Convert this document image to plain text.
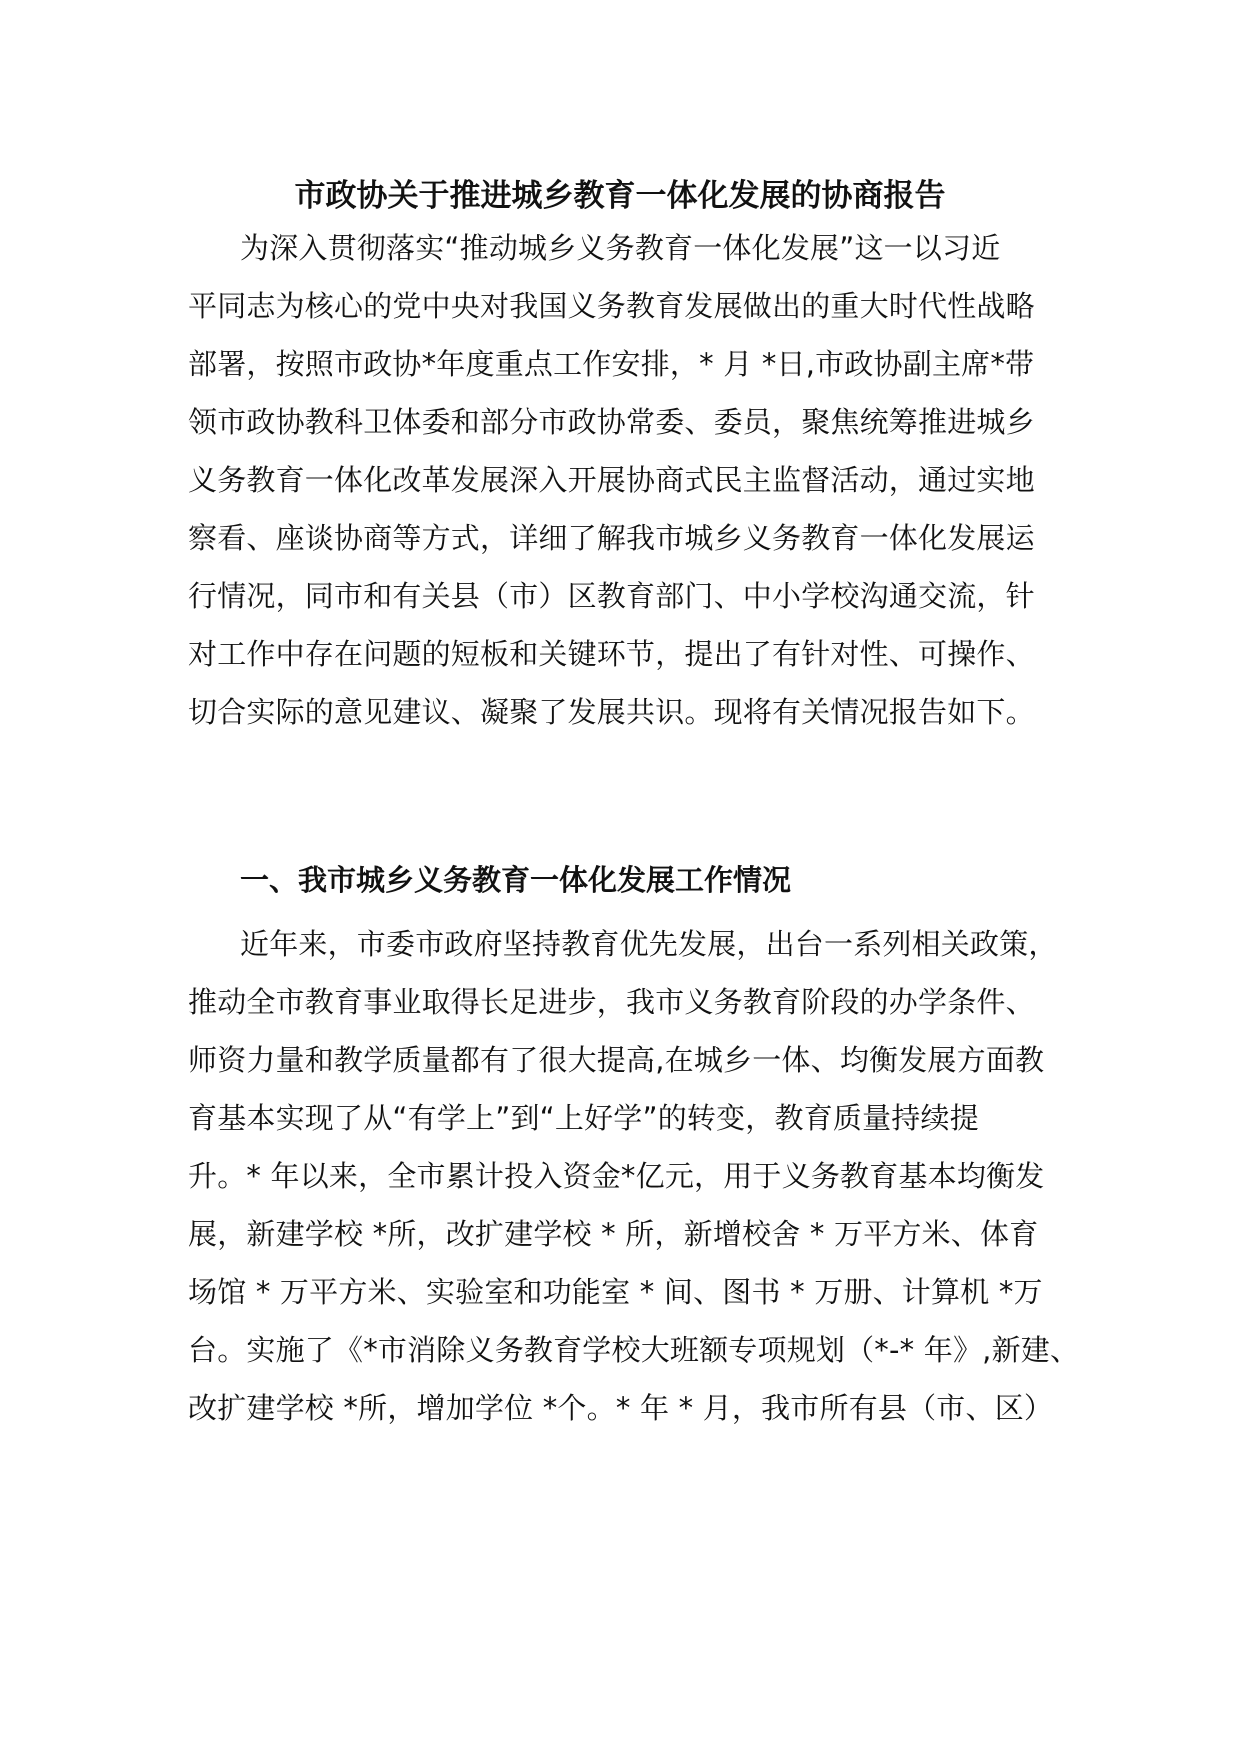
市政协关于推进城乡教育一体化发展的协商报告
为深入贯彻落实“推动城乡义务教育一体化发展”这一以习近
平同志为核心的党中央对我国义务教育发展做出的重大时代性战略
部署，按照市政协*年度重点工作安排，* 月 *日,市政协副主席*带
领市政协教科卫体委和部分市政协常委、委员，聚焦统筹推进城乡
义务教育一体化改革发展深入开展协商式民主监督活动，通过实地
察看、座谈协商等方式，详细了解我市城乡义务教育一体化发展运
行情况，同市和有关县（市）区教育部门、中小学校沟通交流，针
对工作中存在问题的短板和关键环节，提出了有针对性、可操作、
切合实际的意见建议、凝聚了发展共识。现将有关情况报告如下。
一、我市城乡义务教育一体化发展工作情况
近年来，市委市政府坚持教育优先发展，出台一系列相关政策，
推动全市教育事业取得长足进步，我市义务教育阶段的办学条件、
师资力量和教学质量都有了很大提高,在城乡一体、均衡发展方面教
育基本实现了从“有学上”到“上好学”的转变，教育质量持续提
升。* 年以来，全市累计投入资金*亿元，用于义务教育基本均衡发
展，新建学校 *所，改扩建学校 * 所，新增校舍 * 万平方米、体育
场馆 * 万平方米、实验室和功能室 * 间、图书 * 万册、计算机 *万
台。实施了《*市消除义务教育学校大班额专项规划（*-* 年》,新建、
改扩建学校 *所，增加学位 *个。* 年 * 月，我市所有县（市、区）
